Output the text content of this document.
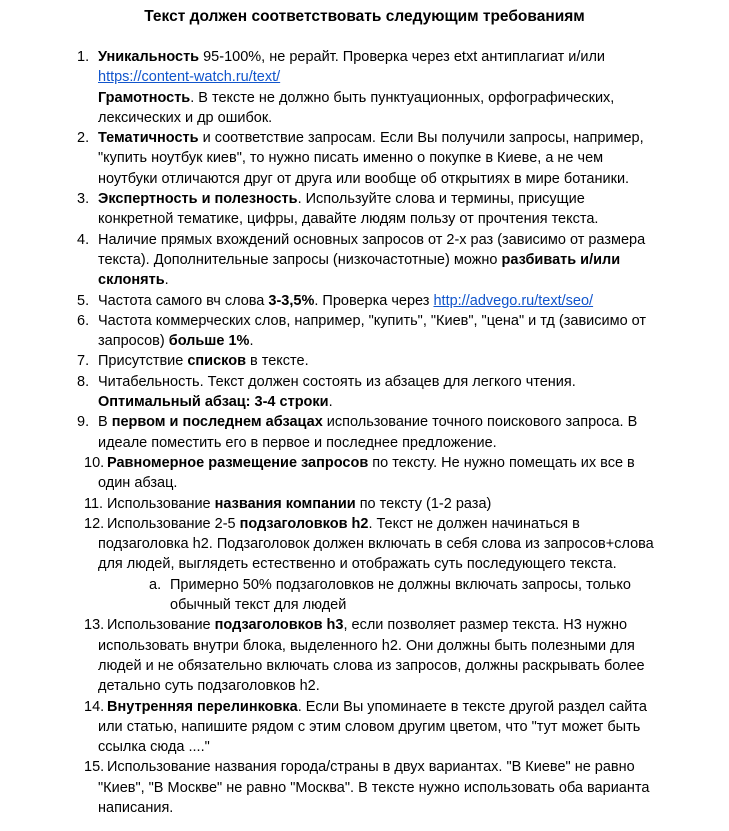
Текст должен соответствовать следующим требованиям
1. Уникальность 95-100%, не рерайт. Проверка через etxt антиплагиат и/или https://content-watch.ru/text/
Грамотность. В тексте не должно быть пунктуационных, орфографических, лексических и др ошибок.
2. Тематичность и соответствие запросам. Если Вы получили запросы, например, "купить ноутбук киев", то нужно писать именно о покупке в Киеве, а не чем ноутбуки отличаются друг от друга или вообще об открытиях в мире ботаники.
3. Экспертность и полезность. Используйте слова и термины, присущие конкретной тематике, цифры, давайте людям пользу от прочтения текста.
4. Наличие прямых вхождений основных запросов от 2-х раз (зависимо от размера текста). Дополнительные запросы (низкочастотные) можно разбивать и/или склонять.
5. Частота самого вч слова 3-3,5%. Проверка через http://advego.ru/text/seo/
6. Частота коммерческих слов, например, "купить", "Киев", "цена" и тд (зависимо от запросов) больше 1%.
7. Присутствие списков в тексте.
8. Читабельность. Текст должен состоять из абзацев для легкого чтения.
Оптимальный абзац: 3-4 строки.
9. В первом и последнем абзацах использование точного поискового запроса. В идеале поместить его в первое и последнее предложение.
10. Равномерное размещение запросов по тексту. Не нужно помещать их все в один абзац.
11. Использование названия компании по тексту (1-2 раза)
12. Использование 2-5 подзаголовков h2. Текст не должен начинаться в подзаголовка h2. Подзаголовок должен включать в себя слова из запросов+слова для людей, выглядеть естественно и отображать суть последующего текста.
a. Примерно 50% подзаголовков не должны включать запросы, только обычный текст для людей
13. Использование подзаголовков h3, если позволяет размер текста. H3 нужно использовать внутри блока, выделенного h2. Они должны быть полезными для людей и не обязательно включать слова из запросов, должны раскрывать более детально суть подзаголовков h2.
14. Внутренняя перелинковка. Если Вы упоминаете в тексте другой раздел сайта или статью, напишите рядом с этим словом другим цветом, что "тут может быть ссылка сюда ...."
15. Использование названия города/страны в двух вариантах. "В Киеве" не равно "Киев", "В Москве" не равно "Москва". В тексте нужно использовать оба варианта написания.
